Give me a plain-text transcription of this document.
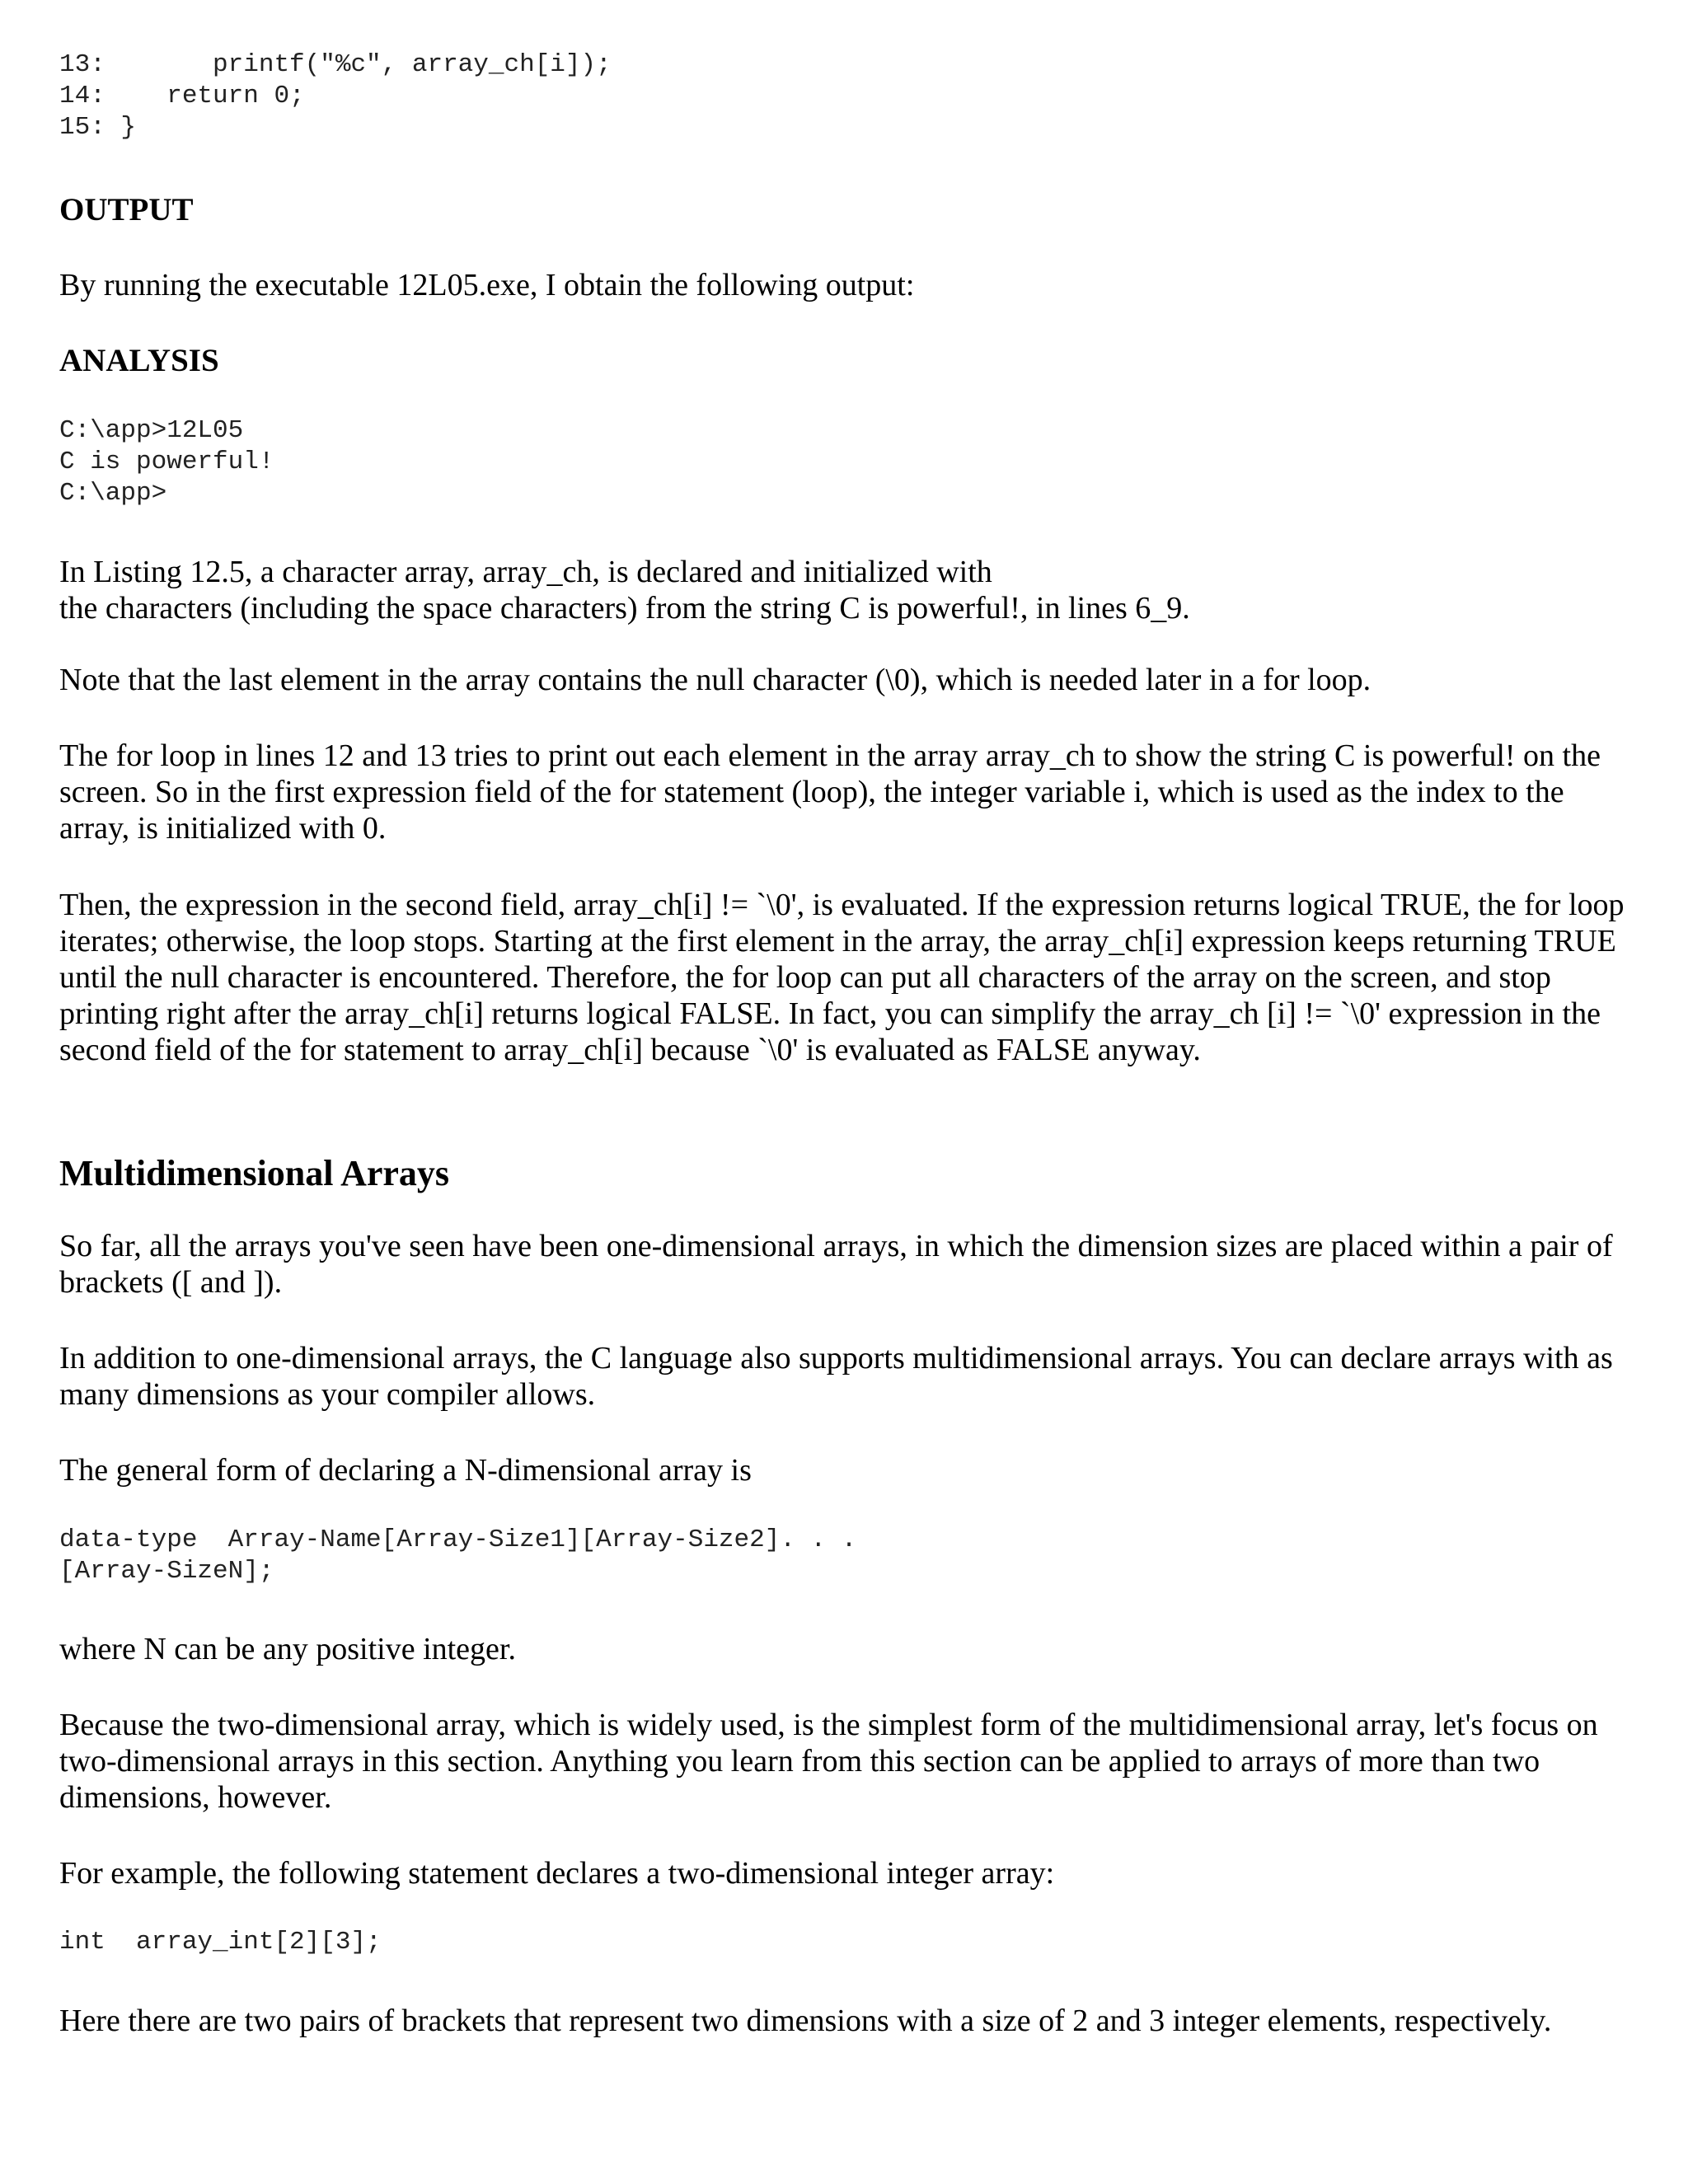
13:       printf("%c", array_ch[i]);
14:    return 0;
15: }
OUTPUT
By running the executable 12L05.exe, I obtain the following output:
ANALYSIS
C:\app>12L05
C is powerful!
C:\app>
In Listing 12.5, a character array, array_ch, is declared and initialized with
the characters (including the space characters) from the string C is powerful!, in lines 6_9.
Note that the last element in the array contains the null character (\0), which is needed later in a for loop.
The for loop in lines 12 and 13 tries to print out each element in the array array_ch to show the string C is powerful! on the screen. So in the first expression field of the for statement (loop), the integer variable i, which is used as the index to the array, is initialized with 0.
Then, the expression in the second field, array_ch[i] != `\0', is evaluated. If the expression returns logical TRUE, the for loop iterates; otherwise, the loop stops. Starting at the first element in the array, the array_ch[i] expression keeps returning TRUE until the null character is encountered. Therefore, the for loop can put all characters of the array on the screen, and stop printing right after the array_ch[i] returns logical FALSE. In fact, you can simplify the array_ch [i] != `\0' expression in the second field of the for statement to array_ch[i] because `\0' is evaluated as FALSE anyway.
Multidimensional Arrays
So far, all the arrays you've seen have been one-dimensional arrays, in which the dimension sizes are placed within a pair of brackets ([ and ]).
In addition to one-dimensional arrays, the C language also supports multidimensional arrays. You can declare arrays with as many dimensions as your compiler allows.
The general form of declaring a N-dimensional array is
data-type  Array-Name[Array-Size1][Array-Size2]. . .
[Array-SizeN];
where N can be any positive integer.
Because the two-dimensional array, which is widely used, is the simplest form of the multidimensional array, let's focus on two-dimensional arrays in this section. Anything you learn from this section can be applied to arrays of more than two dimensions, however.
For example, the following statement declares a two-dimensional integer array:
int  array_int[2][3];
Here there are two pairs of brackets that represent two dimensions with a size of 2 and 3 integer elements, respectively.
